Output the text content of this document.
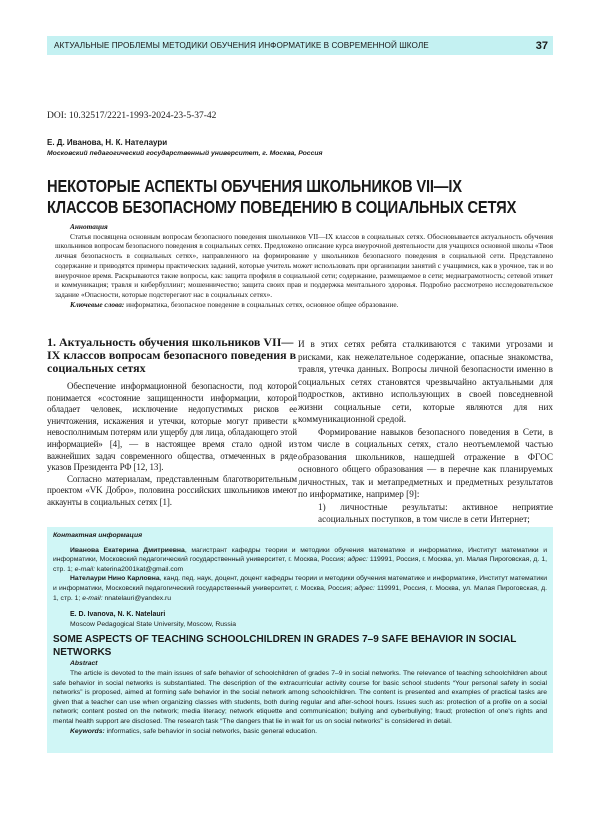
АКТУАЛЬНЫЕ ПРОБЛЕМЫ МЕТОДИКИ ОБУЧЕНИЯ ИНФОРМАТИКЕ В СОВРЕМЕННОЙ ШКОЛЕ	37
DOI: 10.32517/2221-1993-2024-23-5-37-42
Е. Д. Иванова, Н. К. Нателаури
Московский педагогический государственный университет, г. Москва, Россия
НЕКОТОРЫЕ АСПЕКТЫ ОБУЧЕНИЯ ШКОЛЬНИКОВ VII—IX КЛАССОВ БЕЗОПАСНОМУ ПОВЕДЕНИЮ В СОЦИАЛЬНЫХ СЕТЯХ
Аннотация

Статья посвящена основным вопросам безопасного поведения школьников VII—IX классов в социальных сетях. Обосновывается актуальность обучения школьников вопросам безопасного поведения в социальных сетях. Предложено описание курса внеурочной деятельности для учащихся основной школы «Твоя личная безопасность в социальных сетях», направленного на формирование у школьников безопасного поведения в социальной сети. Представлено содержание и приводятся примеры практических заданий, которые учитель может использовать при организации занятий с учащимися, как в урочное, так и во внеурочное время. Раскрываются такие вопросы, как: защита профиля в социальной сети; содержание, размещаемое в сети; медиаграмотность; сетевой этикет и коммуникация; травля и кибербуллинг; мошенничество; защита своих прав и поддержка ментального здоровья. Подробно рассмотрено исследовательское задание «Опасности, которые подстерегают нас в социальных сетях».

Ключевые слова: информатика, безопасное поведение в социальных сетях, основное общее образование.

1. Актуальность обучения школьников VII—IX классов вопросам безопасного поведения в социальных сетях

Обеспечение информационной безопасности, под которой понимается «состояние защищенности информации, которой обладает человек, исключение недопустимых рисков ее уничтожения, искажения и утечки, которые могут привести к невосполнимым потерям или ущербу для лица, обладающего этой информацией» [4], — в настоящее время стало одной из важнейших задач современного общества, отмеченных в ряде указов Президента РФ [12, 13].

Согласно материалам, представленным благотворительным проектом «VK Добро», половина российских школьников имеют аккаунты в социальных сетях [1].

И в этих сетях ребята сталкиваются с такими угрозами и рисками, как нежелательное содержание, опасные знакомства, травля, утечка данных. Вопросы личной безопасности именно в социальных сетях становятся чрезвычайно актуальными для подростков, активно использующих в своей повседневной жизни социальные сети, которые являются для них коммуникационной средой.

Формирование навыков безопасного поведения в Сети, в том числе в социальных сетях, стало неотъемлемой частью образования школьников, нашедшей отражение в ФГОС основного общего образования — в перечне как планируемых личностных, так и метапредметных и предметных результатов по информатике, например [9]:

1) личностные результаты: активное неприятие асоциальных поступков, в том числе в сети Интернет;

Контактная информация

Иванова Екатерина Дмитриевна, магистрант кафедры теории и методики обучения математике и информатике, Институт математики и информатики, Московский педагогический государственный университет, г. Москва, Россия; адрес: 119991, Россия, г. Москва, ул. Малая Пироговская, д. 1, стр. 1; e-mail: katerina2001kat@gmail.com

Нателаури Нино Карловна, канд. пед. наук, доцент, доцент кафедры теории и методики обучения математике и информатике, Институт математики и информатики, Московский педагогический государственный университет, г. Москва, Россия; адрес: 119991, Россия, г. Москва, ул. Малая Пироговская, д. 1, стр. 1; e-mail: nnatelauri@yandex.ru

E. D. Ivanova, N. K. Natelauri
Moscow Pedagogical State University, Moscow, Russia
SOME ASPECTS OF TEACHING SCHOOLCHILDREN IN GRADES 7–9 SAFE BEHAVIOR IN SOCIAL NETWORKS
Abstract

The article is devoted to the main issues of safe behavior of schoolchildren of grades 7–9 in social networks. The relevance of teaching schoolchildren about safe behavior in social networks is substantiated. The description of the extracurricular activity course for basic school students “Your personal safety in social networks” is proposed, aimed at forming safe behavior in the social network among schoolchildren. The content is presented and examples of practical tasks are given that a teacher can use when organizing classes with students, both during regular and after-school hours. Issues such as: protection of a profile on a social network; content posted on the network; media literacy; network etiquette and communication; bullying and cyberbullying; fraud; protection of one's rights and mental health support are disclosed. The research task “The dangers that lie in wait for us on social networks” is considered in detail.

Keywords: informatics, safe behavior in social networks, basic general education.
